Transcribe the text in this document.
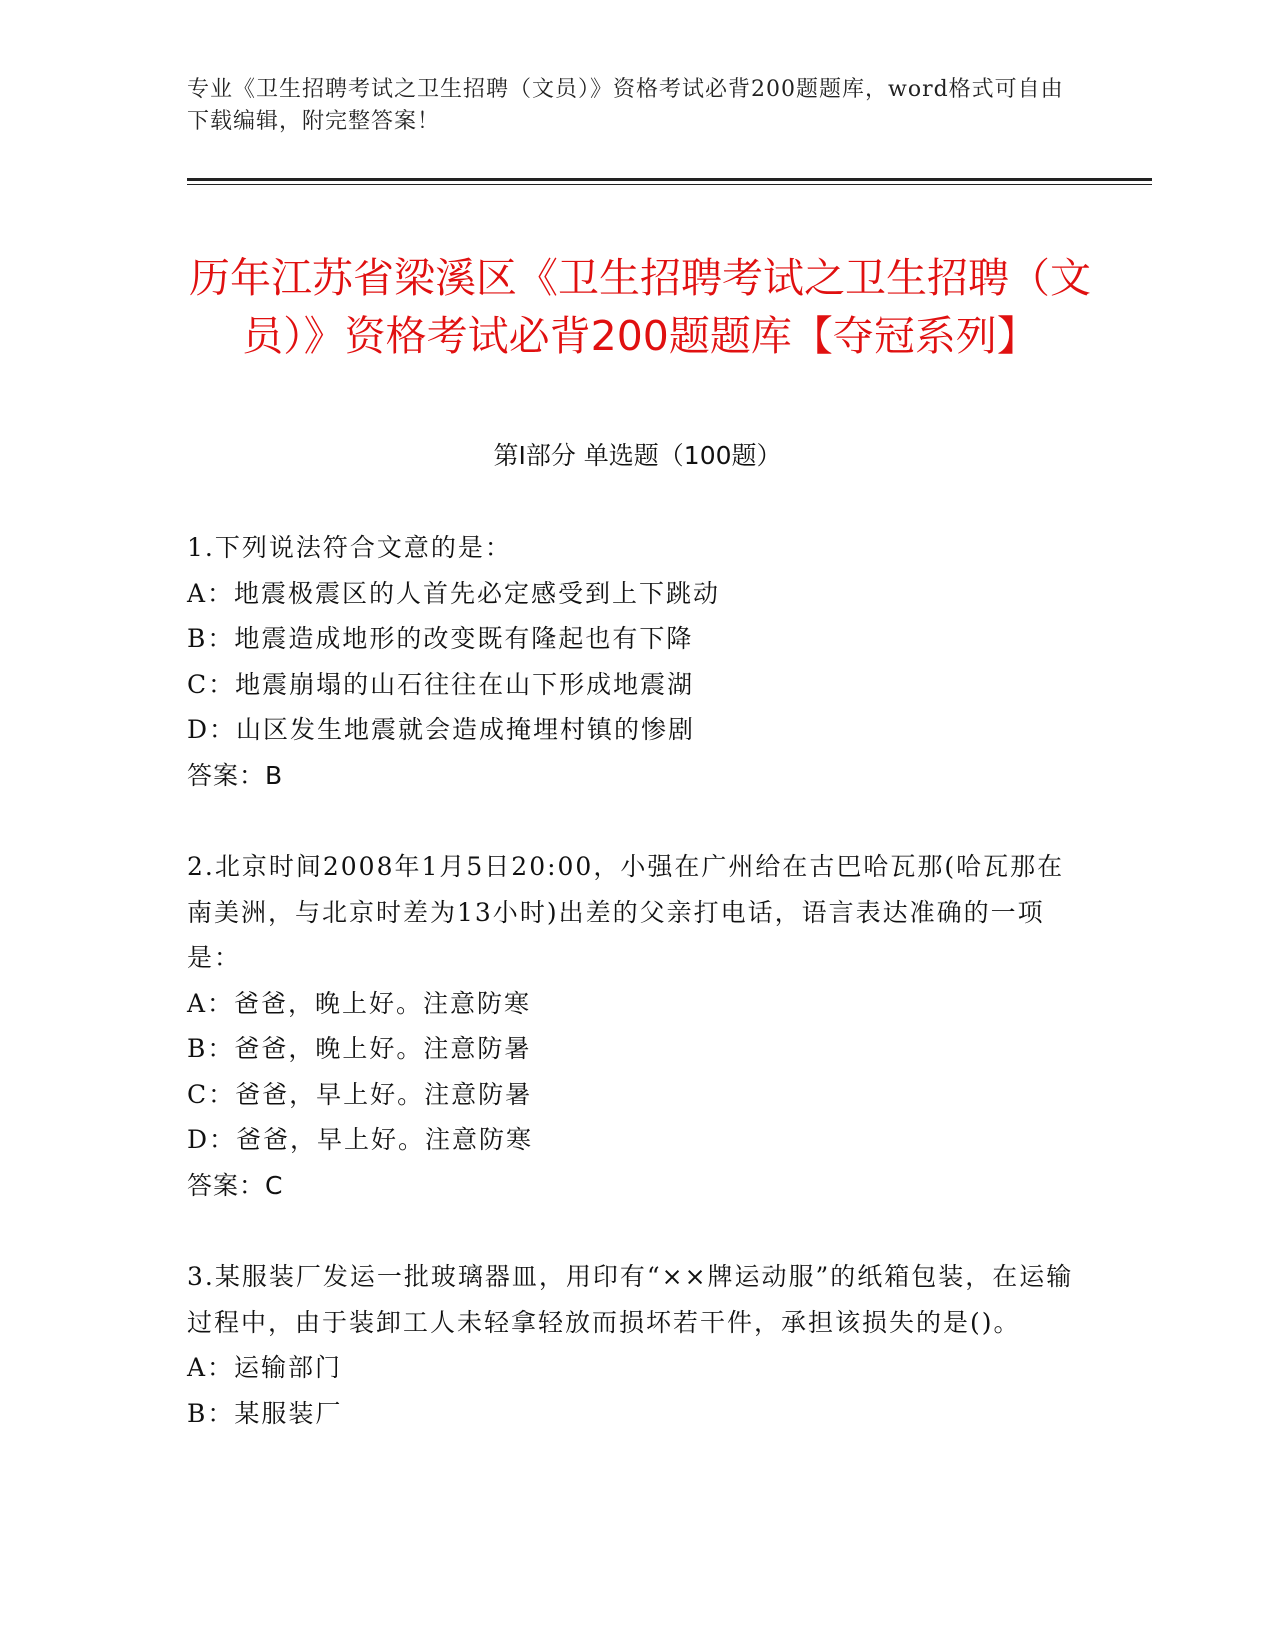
专业《卫生招聘考试之卫生招聘（文员）》资格考试必背200题题库，word格式可自由下载编辑，附完整答案！
历年江苏省梁溪区《卫生招聘考试之卫生招聘（文员）》资格考试必背200题题库【夺冠系列】
第I部分 单选题（100题）
1.下列说法符合文意的是：
A：地震极震区的人首先必定感受到上下跳动
B：地震造成地形的改变既有隆起也有下降
C：地震崩塌的山石往往在山下形成地震湖
D：山区发生地震就会造成掩埋村镇的惨剧
答案：B
2.北京时间2008年1月5日20:00，小强在广州给在古巴哈瓦那(哈瓦那在南美洲，与北京时差为13小时)出差的父亲打电话，语言表达准确的一项是：
A：爸爸，晚上好。注意防寒
B：爸爸，晚上好。注意防暑
C：爸爸，早上好。注意防暑
D：爸爸，早上好。注意防寒
答案：C
3.某服装厂发运一批玻璃器皿，用印有“××牌运动服”的纸箱包装，在运输过程中，由于装卸工人未轻拿轻放而损坏若干件，承担该损失的是()。
A：运输部门
B：某服装厂
